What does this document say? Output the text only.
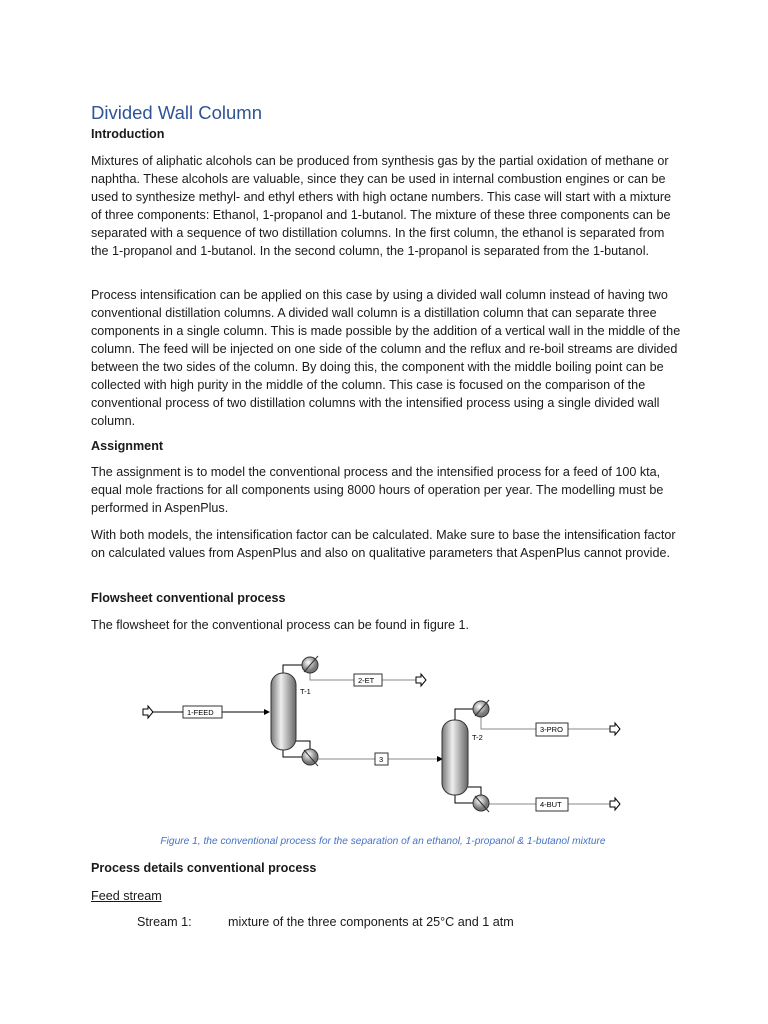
Divided Wall Column
Introduction

Mixtures of aliphatic alcohols can be produced from synthesis gas by the partial oxidation of methane or naphtha. These alcohols are valuable, since they can be used in internal combustion engines or can be used to synthesize methyl- and ethyl ethers with high octane numbers. This case will start with a mixture of three components: Ethanol, 1-propanol and 1-butanol. The mixture of these three components can be separated with a sequence of two distillation columns. In the first column, the ethanol is separated from the 1-propanol and 1-butanol. In the second column, the 1-propanol is separated from the 1-butanol.

Process intensification can be applied on this case by using a divided wall column instead of having two conventional distillation columns. A divided wall column is a distillation column that can separate three components in a single column. This is made possible by the addition of a vertical wall in the middle of the column. The feed will be injected on one side of the column and the reflux and re-boil streams are divided between the two sides of the column. By doing this, the component with the middle boiling point can be collected with high purity in the middle of the column. This case is focused on the comparison of the conventional process of two distillation columns with the intensified process using a single divided wall column.

Assignment

The assignment is to model the conventional process and the intensified process for a feed of 100 kta, equal mole fractions for all components using 8000 hours of operation per year. The modelling must be performed in AspenPlus.

With both models, the intensification factor can be calculated. Make sure to base the intensification factor on calculated values from AspenPlus and also on qualitative parameters that AspenPlus cannot provide.

Flowsheet conventional process
The flowsheet for the conventional process can be found in figure 1.
1-FEED
2-ET
3
3-PRO
4-BUT
T-1
T-2
Figure 1, the conventional process for the separation of an ethanol, 1-propanol & 1-butanol mixture
Process details conventional process
Feed stream
Stream 1:	mixture of the three components at 25°C and 1 atm
